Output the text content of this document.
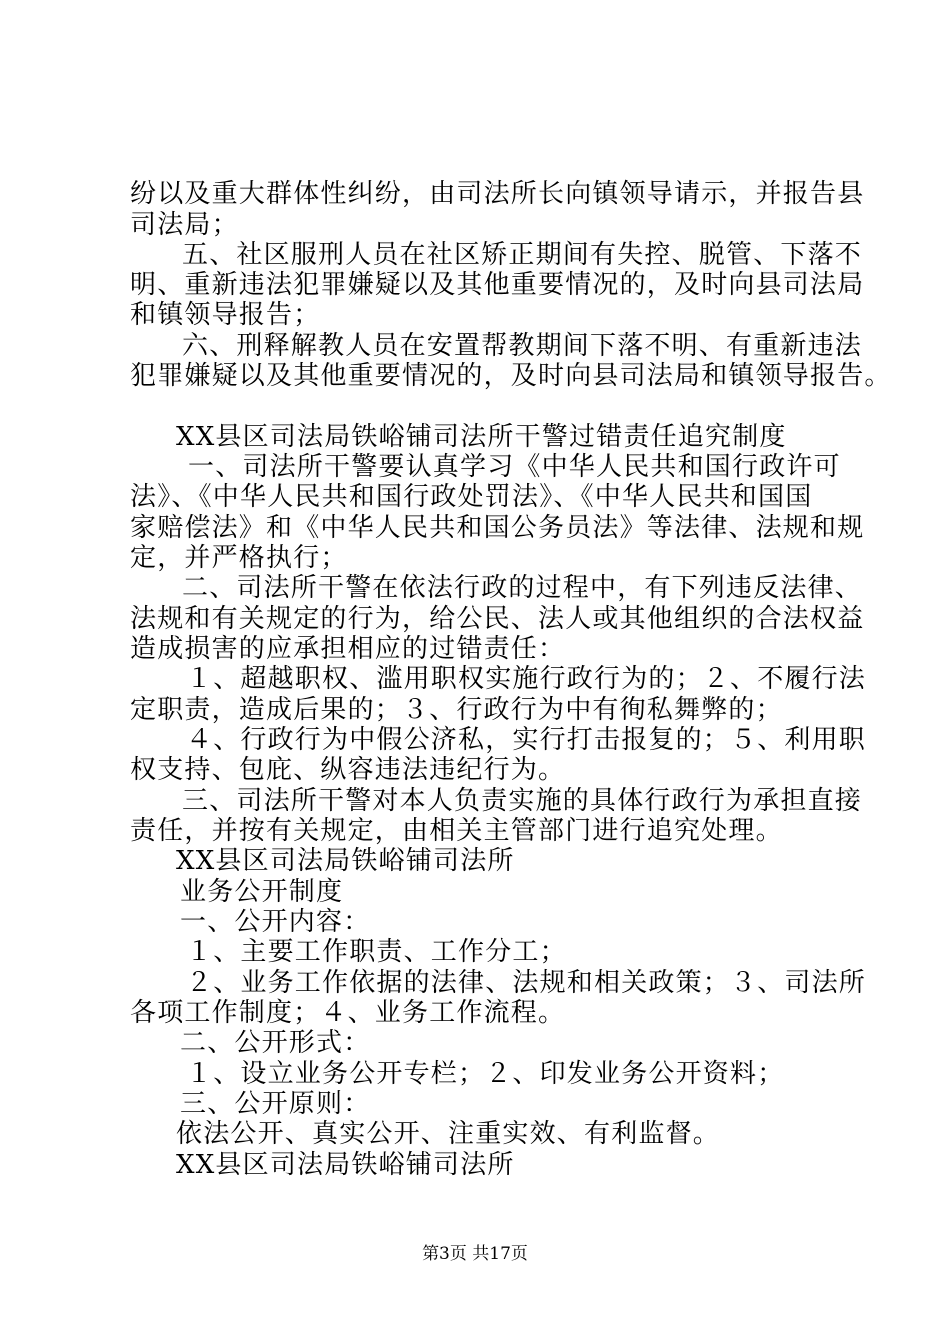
纷以及重大群体性纠纷，由司法所长向镇领导请示，并报告县
司法局；
五、社区服刑人员在社区矫正期间有失控、脱管、下落不
明、重新违法犯罪嫌疑以及其他重要情况的，及时向县司法局
和镇领导报告；
六、刑释解教人员在安置帮教期间下落不明、有重新违法
犯罪嫌疑以及其他重要情况的，及时向县司法局和镇领导报告。
XX县区司法局铁峪铺司法所干警过错责任追究制度
一、司法所干警要认真学习《中华人民共和国行政许可
法》、《中华人民共和国行政处罚法》、《中华人民共和国国
家赔偿法》和《中华人民共和国公务员法》等法律、法规和规
定，并严格执行；
二、司法所干警在依法行政的过程中，有下列违反法律、
法规和有关规定的行为，给公民、法人或其他组织的合法权益
造成损害的应承担相应的过错责任：
１、超越职权、滥用职权实施行政行为的；２、不履行法
定职责，造成后果的；３、行政行为中有徇私舞弊的；
４、行政行为中假公济私，实行打击报复的；５、利用职
权支持、包庇、纵容违法违纪行为。
三、司法所干警对本人负责实施的具体行政行为承担直接
责任，并按有关规定，由相关主管部门进行追究处理。
XX县区司法局铁峪铺司法所
业务公开制度
一、公开内容：
１、主要工作职责、工作分工；
２、业务工作依据的法律、法规和相关政策；３、司法所
各项工作制度；４、业务工作流程。
二、公开形式：
１、设立业务公开专栏；２、印发业务公开资料；
三、公开原则：
依法公开、真实公开、注重实效、有利监督。
XX县区司法局铁峪铺司法所
第3页 共17页
